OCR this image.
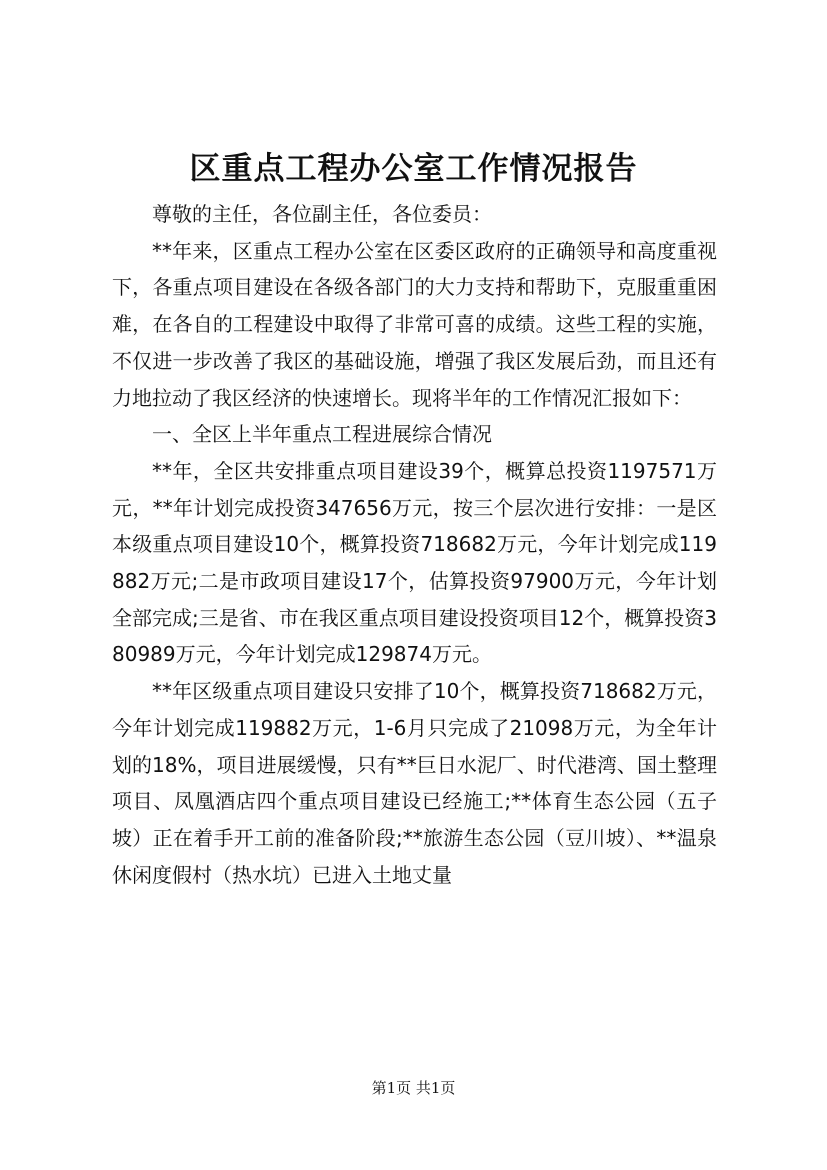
区重点工程办公室工作情况报告

尊敬的主任，各位副主任，各位委员：

**年来，区重点工程办公室在区委区政府的正确领导和高度重视下，各重点项目建设在各级各部门的大力支持和帮助下，克服重重困难，在各自的工程建设中取得了非常可喜的成绩。这些工程的实施，不仅进一步改善了我区的基础设施，增强了我区发展后劲，而且还有力地拉动了我区经济的快速增长。现将半年的工作情况汇报如下：

一、全区上半年重点工程进展综合情况

**年，全区共安排重点项目建设39个，概算总投资1197571万元，**年计划完成投资347656万元，按三个层次进行安排：一是区本级重点项目建设10个，概算投资718682万元，今年计划完成119882万元;二是市政项目建设17个，估算投资97900万元，今年计划全部完成;三是省、市在我区重点项目建设投资项目12个，概算投资380989万元，今年计划完成129874万元。

**年区级重点项目建设只安排了10个，概算投资718682万元，今年计划完成119882万元，1-6月只完成了21098万元，为全年计划的18%，项目进展缓慢，只有**巨日水泥厂、时代港湾、国土整理项目、凤凰酒店四个重点项目建设已经施工;**体育生态公园（五子坡）正在着手开工前的准备阶段;**旅游生态公园（豆川坡）、**温泉休闲度假村（热水坑）已进入土地丈量

第1页 共1页
